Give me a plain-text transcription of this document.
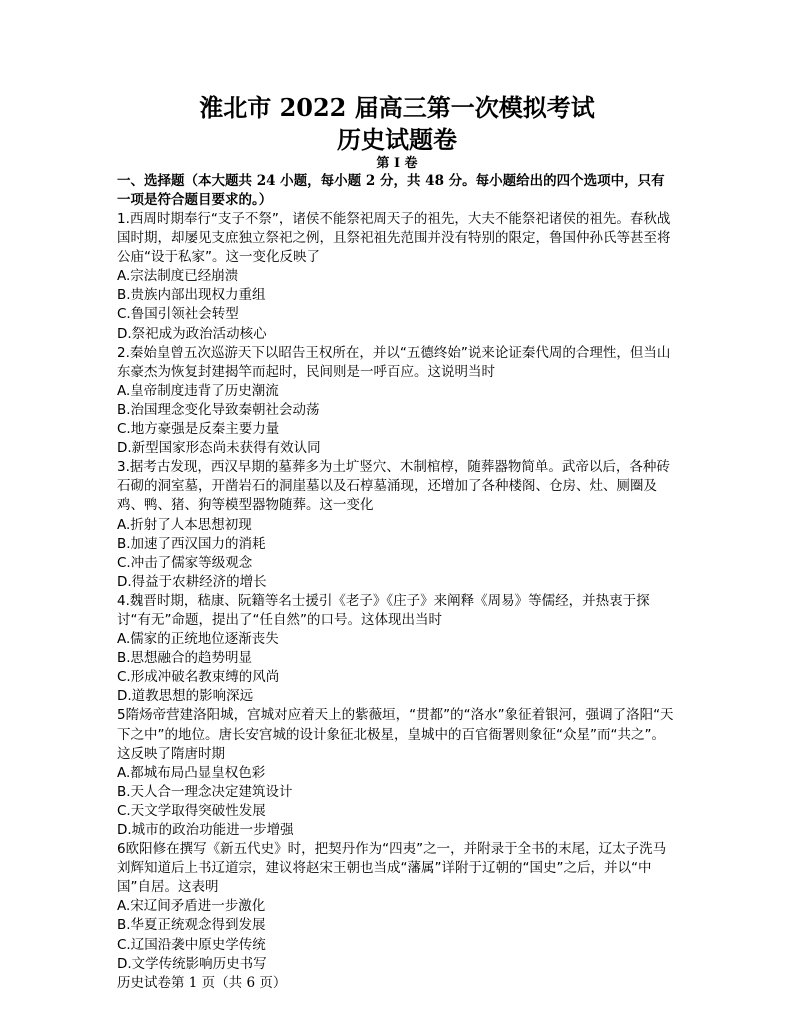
淮北市 2022 届高三第一次模拟考试

历史试题卷

第 I 卷

一、选择题（本大题共 24 小题，每小题 2 分，共 48 分。每小题给出的四个选项中，只有一项是符合题目要求的。）

1.西周时期奉行“支子不祭”，诸侯不能祭祀周天子的祖先，大夫不能祭祀诸侯的祖先。春秋战国时期，却屡见支庶独立祭祀之例，且祭祀祖先范围并没有特别的限定，鲁国仲孙氏等甚至将公庙“设于私家”。这一变化反映了

A.宗法制度已经崩溃

B.贵族内部出现权力重组

C.鲁国引领社会转型

D.祭祀成为政治活动核心

2.秦始皇曾五次巡游天下以昭告王权所在，并以“五德终始”说来论证秦代周的合理性，但当山东豪杰为恢复封建揭竿而起时，民间则是一呼百应。这说明当时

A.皇帝制度违背了历史潮流

B.治国理念变化导致秦朝社会动荡

C.地方豪强是反秦主要力量

D.新型国家形态尚未获得有效认同

3.据考古发现，西汉早期的墓葬多为土圹竖穴、木制棺椁，随葬器物简单。武帝以后，各种砖石砌的洞室墓，开凿岩石的洞崖墓以及石椁墓涌现，还增加了各种楼阁、仓房、灶、厕圈及鸡、鸭、猪、狗等模型器物随葬。这一变化

A.折射了人本思想初现

B.加速了西汉国力的消耗

C.冲击了儒家等级观念

D.得益于农耕经济的增长

4.魏晋时期，嵇康、阮籍等名士援引《老子》《庄子》来阐释《周易》等儒经，并热衷于探讨“有无”命题，提出了“任自然”的口号。这体现出当时

A.儒家的正统地位逐渐丧失

B.思想融合的趋势明显

C.形成冲破名教束缚的风尚

D.道教思想的影响深远

5隋炀帝营建洛阳城，宫城对应着天上的紫薇垣，“贯都”的“洛水”象征着银河，强调了洛阳“天下之中”的地位。唐长安宫城的设计象征北极星，皇城中的百官衙署则象征“众星”而“共之”。这反映了隋唐时期

A.都城布局凸显皇权色彩

B.天人合一理念决定建筑设计

C.天文学取得突破性发展

D.城市的政治功能进一步增强

6欧阳修在撰写《新五代史》时，把契丹作为“四夷”之一，并附录于全书的末尾，辽太子洗马刘辉知道后上书辽道宗，建议将赵宋王朝也当成“藩属”详附于辽朝的“国史”之后，并以“中国”自居。这表明

A.宋辽间矛盾进一步激化

B.华夏正统观念得到发展

C.辽国沿袭中原史学传统

D.文学传统影响历史书写

历史试卷第 1 页（共 6 页）
